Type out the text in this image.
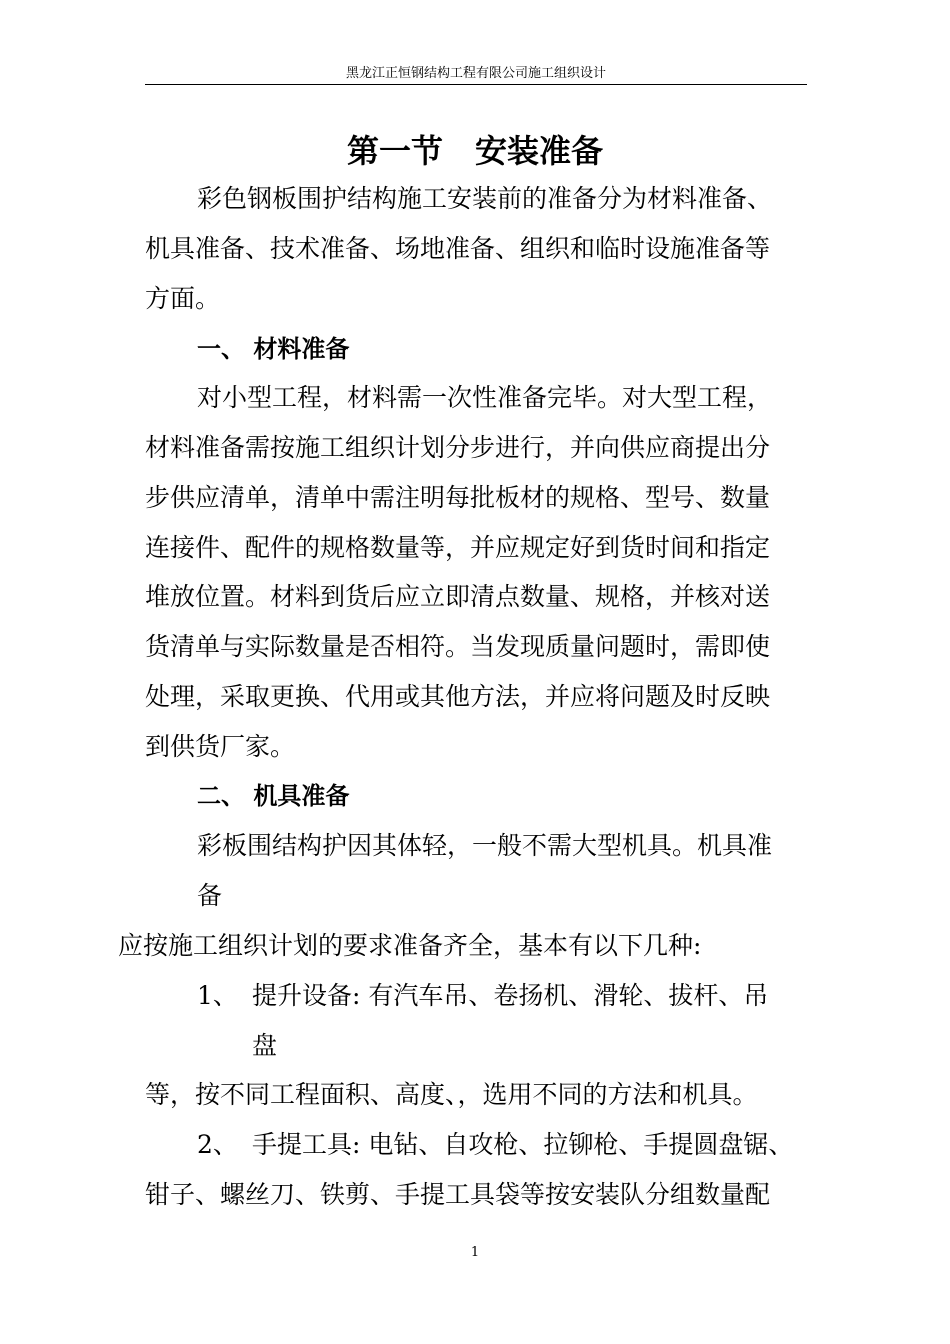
黑龙江正恒钢结构工程有限公司施工组织设计
第一节　安装准备
彩色钢板围护结构施工安装前的准备分为材料准备、
机具准备、技术准备、场地准备、组织和临时设施准备等
方面。
一、 材料准备
对小型工程，材料需一次性准备完毕。对大型工程，
材料准备需按施工组织计划分步进行，并向供应商提出分
步供应清单，清单中需注明每批板材的规格、型号、数量
连接件、配件的规格数量等，并应规定好到货时间和指定
堆放位置。材料到货后应立即清点数量、规格，并核对送
货清单与实际数量是否相符。当发现质量问题时，需即使
处理，采取更换、代用或其他方法，并应将问题及时反映
到供货厂家。
二、 机具准备
彩板围结构护因其体轻，一般不需大型机具。机具准
备
应按施工组织计划的要求准备齐全，基本有以下几种:
1、 提升设备: 有汽车吊、卷扬机、滑轮、拔杆、吊
盘
等，按不同工程面积、高度、，选用不同的方法和机具。
2、 手提工具: 电钻、自攻枪、拉铆枪、手提圆盘锯、
钳子、螺丝刀、铁剪、手提工具袋等按安装队分组数量配
1
